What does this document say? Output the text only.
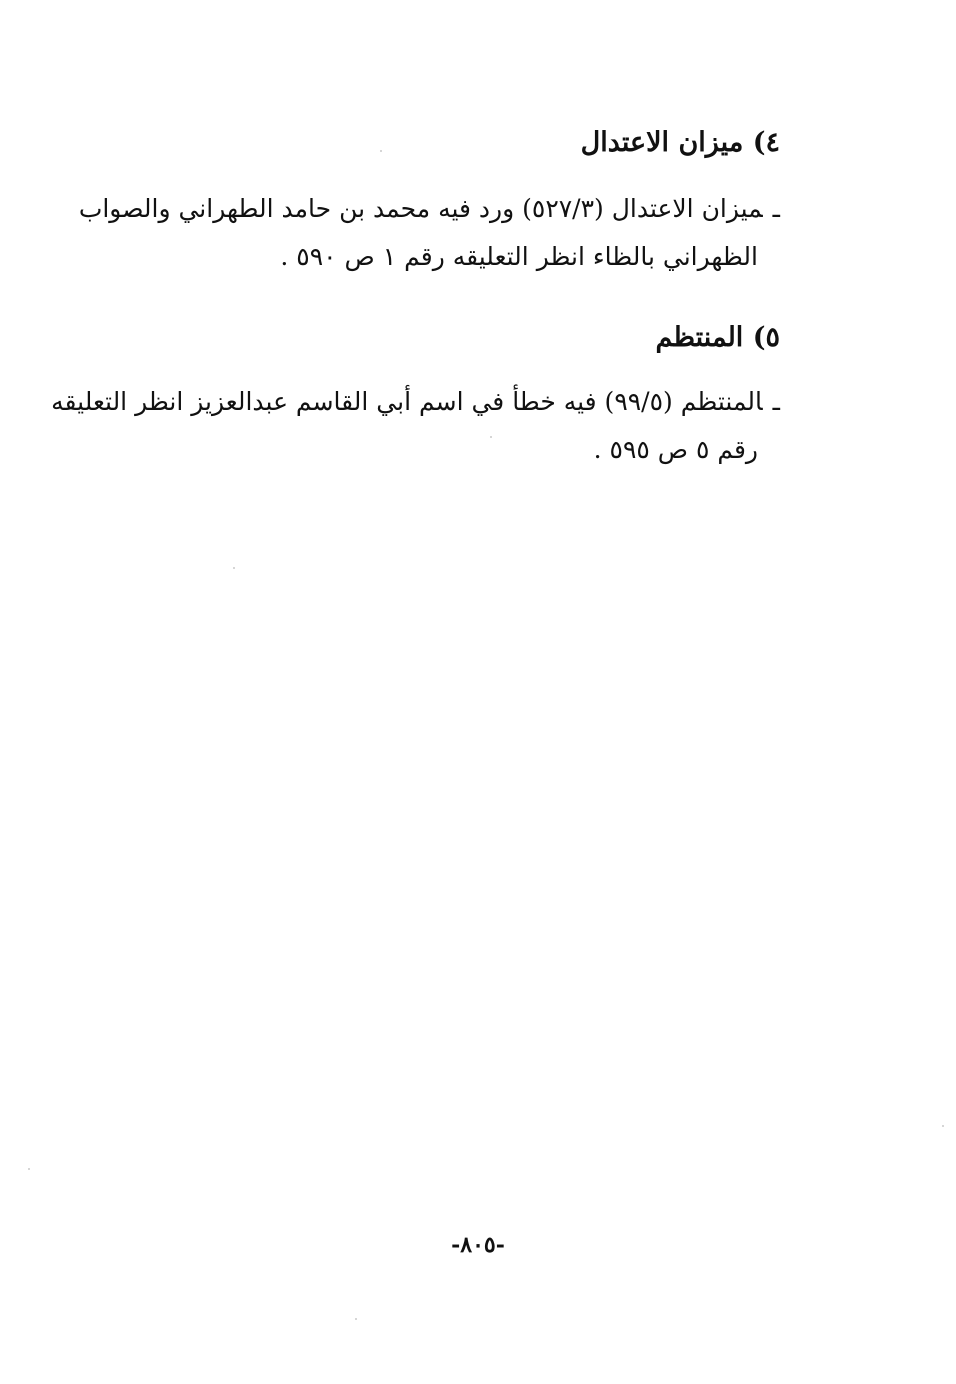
٤) ميزان الاعتدال
ـميزان الاعتدال (٥٢٧/٣) ورد فيه محمد بن حامد الطهراني والصواب
الظهراني بالظاء انظر التعليقه رقم ١ ص ٥٩٠ .
٥) المنتظم
ـالمنتظم (٩٩/٥) فيه خطأ في اسم أبي القاسم عبدالعزيز انظر التعليقه
رقم ٥ ص ٥٩٥ .
-٨٠٥-
